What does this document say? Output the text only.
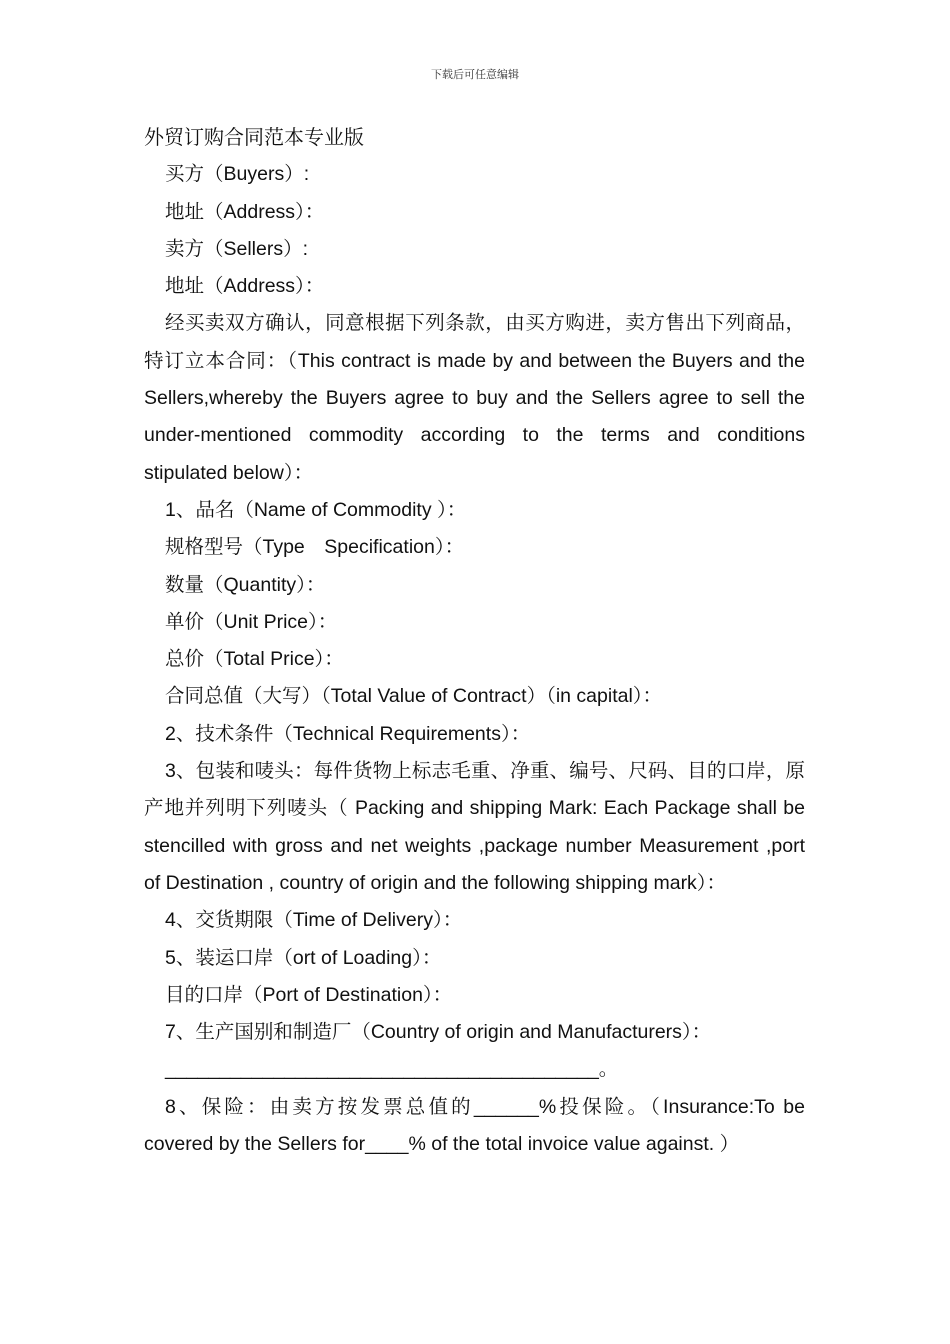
下载后可任意编辑
外贸订购合同范本专业版
买方（Buyers）:
地址（Address）：
卖方（Sellers）:
地址（Address）：
经买卖双方确认，同意根据下列条款，由买方购进，卖方售出下列商品，特订立本合同：（This contract is made by and between the Buyers and the Sellers,whereby the Buyers agree to buy and the Sellers agree to sell the under-mentioned commodity according to the terms and conditions stipulated below）：
1、品名（Name of Commodity ）：
规格型号（Type　Specification）：
数量（Quantity）：
单价（Unit Price）：
总价（Total Price）：
合同总值（大写）（Total Value of Contract）（in capital）：
2、技术条件（Technical Requirements）：
3、包装和唛头：每件货物上标志毛重、净重、编号、尺码、目的口岸，原产地并列明下列唛头（ Packing and shipping Mark: Each Package shall be stencilled with gross and net weights ,package number Measurement ,port of Destination , country of origin and the following shipping mark）：
4、交货期限（Time of Delivery）：
5、装运口岸（ort of Loading）：
目的口岸（Port of Destination）：
7、生产国别和制造厂（Country of origin and Manufacturers）：
________________________________________。
8、保险：由卖方按发票总值的______%投保险。（Insurance:To be covered by the Sellers for____% of the total invoice value against. ）
